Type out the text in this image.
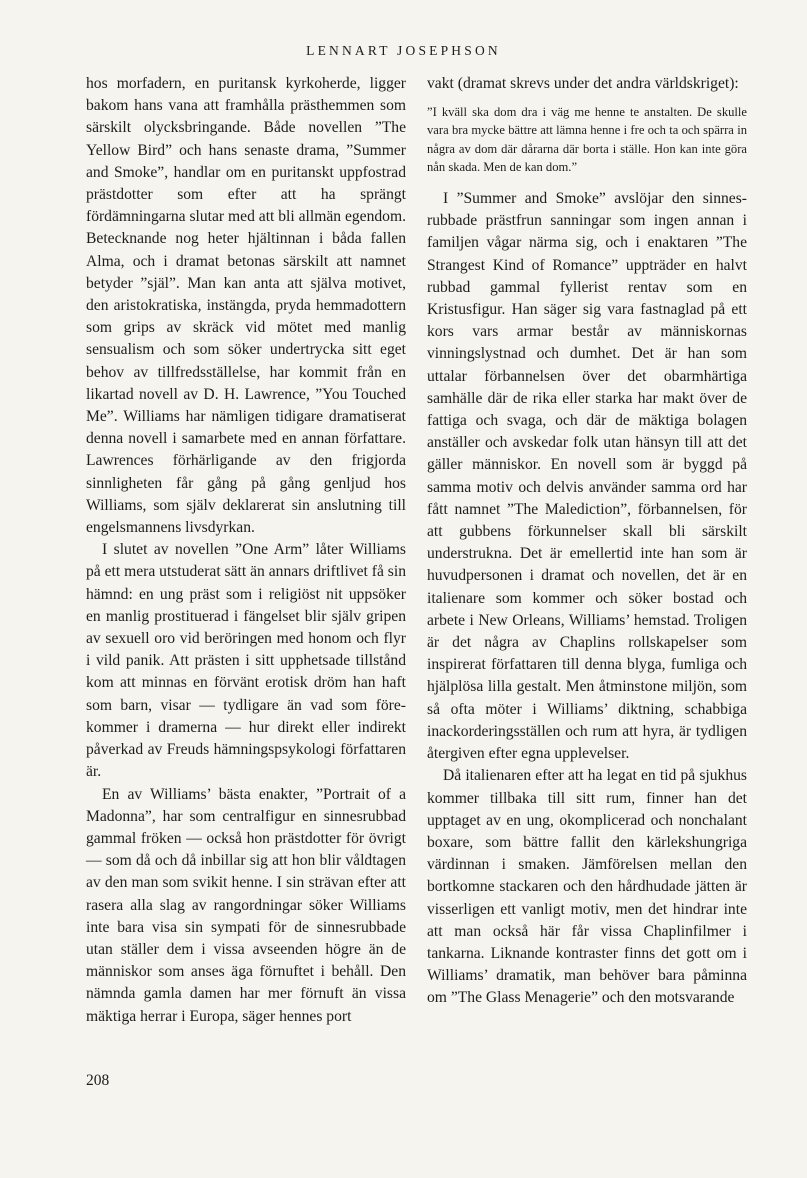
LENNART JOSEPHSON

hos morfadern, en puritansk kyrkoherde, ligger bakom hans vana att framhålla prästhemmen som särskilt olycksbringande. Både novellen ”The Yellow Bird” och hans senaste drama, ”Summer and Smoke”, handlar om en puritanskt uppfostrad prästdotter som efter att ha sprängt fördämningarna slutar med att bli allmän egendom. Betecknande nog heter hjältinnan i båda fallen Alma, och i dramat betonas särskilt att namnet betyder ”själ”. Man kan anta att själva motivet, den aristokratiska, instängda, pryda hemmadottern som grips av skräck vid mötet med manlig sensualism och som söker undertrycka sitt eget behov av tillfredsställelse, har kommit från en likartad novell av D. H. Lawrence, ”You Touched Me”. Williams har nämligen tidigare dramatiserat denna novell i samarbete med en annan författare. Lawrences förhärligande av den frigjorda sinnligheten får gång på gång genljud hos Williams, som själv deklarerat sin anslutning till engelsmannens livsdyrkan.

I slutet av novellen ”One Arm” låter Williams på ett mera utstuderat sätt än annars driftlivet få sin hämnd: en ung präst som i religiöst nit uppsöker en manlig prostituerad i fängelset blir själv gripen av sexuell oro vid beröringen med honom och flyr i vild panik. Att prästen i sitt upphetsade tillstånd kom att minnas en förvänt erotisk dröm han haft som barn, visar — tydligare än vad som förekommer i dramerna — hur direkt eller indirekt påverkad av Freuds hämningspsykologi författaren är.

En av Williams’ bästa enakter, ”Portrait of a Madonna”, har som centralfigur en sinnesrubbad gammal fröken — också hon prästdotter för övrigt — som då och då inbillar sig att hon blir våldtagen av den man som svikit henne. I sin strävan efter att rasera alla slag av rangordningar söker Williams inte bara visa sin sympati för de sinnesrubbade utan ställer dem i vissa avseenden högre än de människor som anses äga förnuftet i behåll. Den nämnda gamla damen har mer förnuft än vissa mäktiga herrar i Europa, säger hennes port

vakt (dramat skrevs under det andra världskriget):

”I kväll ska dom dra i väg me henne te anstalten. De skulle vara bra mycke bättre att lämna henne i fre och ta och spärra in några av dom där dårarna där borta i ställe. Hon kan inte göra nån skada. Men de kan dom.”

I ”Summer and Smoke” avslöjar den sinnesrubbade prästfrun sanningar som ingen annan i familjen vågar närma sig, och i enaktaren ”The Strangest Kind of Romance” uppträder en halvt rubbad gammal fyllerist rentav som en Kristusfigur. Han säger sig vara fastnaglad på ett kors vars armar består av människornas vinningslystnad och dumhet. Det är han som uttalar förbannelsen över det obarmhärtiga samhälle där de rika eller starka har makt över de fattiga och svaga, och där de mäktiga bolagen anställer och avskedar folk utan hänsyn till att det gäller människor. En novell som är byggd på samma motiv och delvis använder samma ord har fått namnet ”The Malediction”, förbannelsen, för att gubbens förkunnelser skall bli särskilt understrukna. Det är emellertid inte han som är huvudpersonen i dramat och novellen, det är en italienare som kommer och söker bostad och arbete i New Orleans, Williams’ hemstad. Troligen är det några av Chaplins rollskapelser som inspirerat författaren till denna blyga, fumliga och hjälplösa lilla gestalt. Men åtminstone miljön, som så ofta möter i Williams’ diktning, schabbiga inackorderingsställen och rum att hyra, är tydligen återgiven efter egna upplevelser.

Då italienaren efter att ha legat en tid på sjukhus kommer tillbaka till sitt rum, finner han det upptaget av en ung, okomplicerad och nonchalant boxare, som bättre fallit den kärlekshungriga värdinnan i smaken. Jämförelsen mellan den bortkomne stackaren och den hårdhudade jätten är visserligen ett vanligt motiv, men det hindrar inte att man också här får vissa Chaplinfilmer i tankarna. Liknande kontraster finns det gott om i Williams’ dramatik, man behöver bara påminna om ”The Glass Menagerie” och den motsvarande

208
